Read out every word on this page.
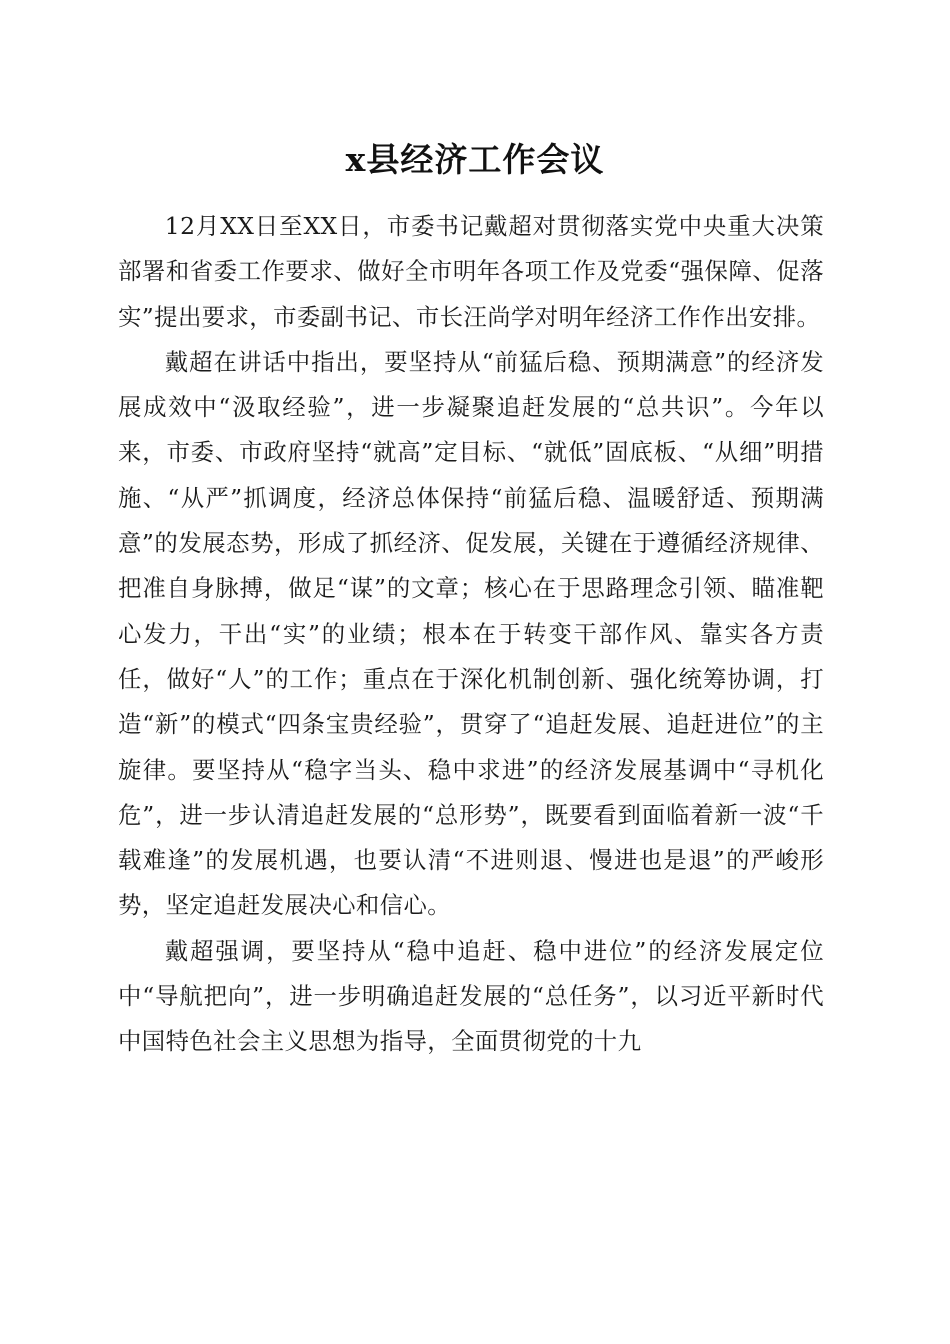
x县经济工作会议

12月XX日至XX日，市委书记戴超对贯彻落实党中央重大决策部署和省委工作要求、做好全市明年各项工作及党委“强保障、促落实”提出要求，市委副书记、市长汪尚学对明年经济工作作出安排。

戴超在讲话中指出，要坚持从“前猛后稳、预期满意”的经济发展成效中“汲取经验”，进一步凝聚追赶发展的“总共识”。今年以来，市委、市政府坚持“就高”定目标、“就低”固底板、“从细”明措施、“从严”抓调度，经济总体保持“前猛后稳、温暖舒适、预期满意”的发展态势，形成了抓经济、促发展，关键在于遵循经济规律、把准自身脉搏，做足“谋”的文章；核心在于思路理念引领、瞄准靶心发力，干出“实”的业绩；根本在于转变干部作风、靠实各方责任，做好“人”的工作；重点在于深化机制创新、强化统筹协调，打造“新”的模式“四条宝贵经验”，贯穿了“追赶发展、追赶进位”的主旋律。要坚持从“稳字当头、稳中求进”的经济发展基调中“寻机化危”，进一步认清追赶发展的“总形势”，既要看到面临着新一波“千载难逢”的发展机遇，也要认清“不进则退、慢进也是退”的严峻形势，坚定追赶发展决心和信心。

戴超强调，要坚持从“稳中追赶、稳中进位”的经济发展定位中“导航把向”，进一步明确追赶发展的“总任务”，以习近平新时代中国特色社会主义思想为指导，全面贯彻党的十九
